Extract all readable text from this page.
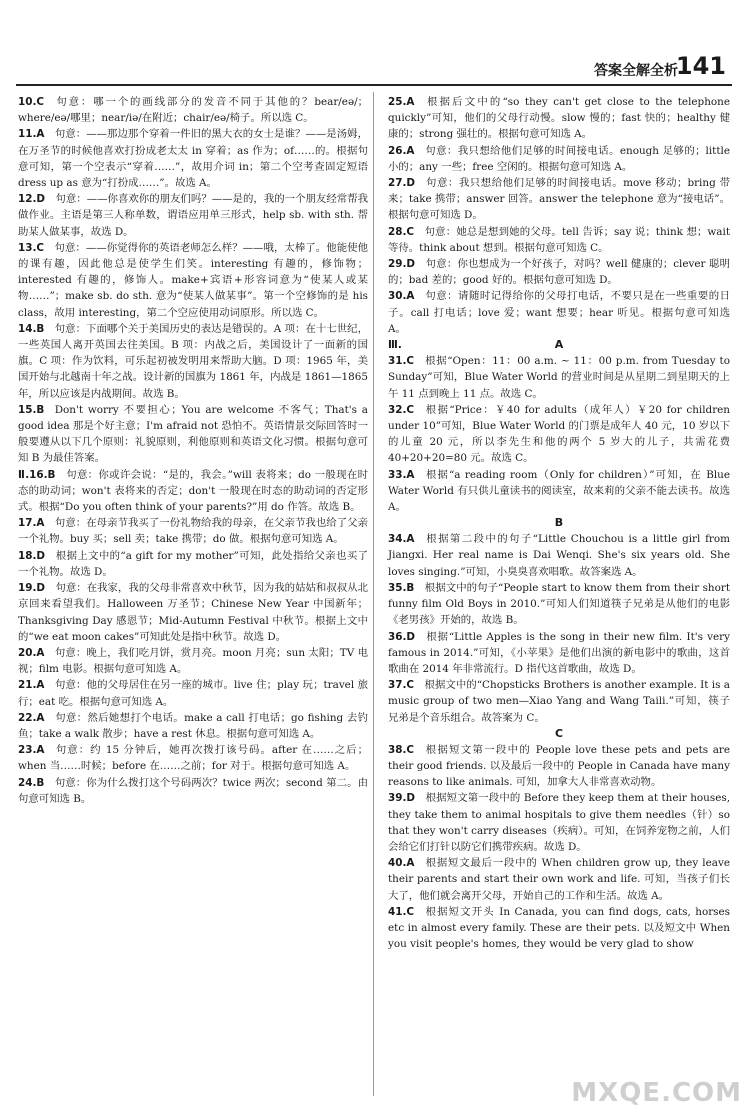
答案全解全析
141
10.C  句意：哪一个的画线部分的发音不同于其他的？bear/eə/；where/eə/哪里；near/iə/在附近；chair/eə/椅子。所以选 C。
11.A  句意：——那边那个穿着一件旧的黑大衣的女士是谁？——是汤姆，在万圣节的时候他喜欢打扮成老太太 in 穿着；as 作为；of……的。根据句意可知，第一个空表示“穿着……”，故用介词 in；第二个空考查固定短语 dress up as 意为“打扮成……”。故选 A。
12.D  句意：——你喜欢你的朋友们吗？——是的，我的一个朋友经常帮我做作业。主语是第三人称单数，谓语应用单三形式，help sb. with sth. 帮助某人做某事，故选 D。
13.C  句意：——你觉得你的英语老师怎么样？——哦，太棒了。他能使他的课有趣，因此他总是使学生们笑。interesting 有趣的，修饰物；interested 有趣的，修饰人。make+宾语+形容词意为“使某人或某物……”；make sb. do sth. 意为“使某人做某事”。第一个空修饰的是 his class，故用 interesting，第二个空应使用动词原形。所以选 C。
14.B  句意：下面哪个关于美国历史的表达是错误的。A 项：在十七世纪，一些英国人离开英国去往美国。B 项：内战之后，美国设计了一面新的国旗。C 项：作为饮料，可乐起初被发明用来帮助大脑。D 项：1965 年，美国开始与北越南十年之战。设计新的国旗为 1861 年，内战是 1861—1865 年，所以应该是内战期间。故选 B。
15.B  Don't worry 不要担心；You are welcome 不客气；That's a good idea 那是个好主意；I'm afraid not 恐怕不。英语情景交际回答时一般要遵从以下几个原则：礼貌原则，利他原则和英语文化习惯。根据句意可知 B 为最佳答案。
Ⅱ.16.B  句意：你或许会说：“是的，我会。”will 表将来；do 一般现在时态的助动词；won't 表将来的否定；don't 一般现在时态的助动词的否定形式。根据“Do you often think of your parents?”用 do 作答。故选 B。
17.A  句意：在母亲节我买了一份礼物给我的母亲，在父亲节我也给了父亲一个礼物。buy 买；sell 卖；take 携带；do 做。根据句意可知选 A。
18.D  根据上文中的“a gift for my mother”可知，此处指给父亲也买了一个礼物。故选 D。
19.D  句意：在我家，我的父母非常喜欢中秋节，因为我的姑姑和叔叔从北京回来看望我们。Halloween 万圣节；Chinese New Year 中国新年；Thanksgiving Day 感恩节；Mid-Autumn Festival 中秋节。根据上文中的“we eat moon cakes”可知此处是指中秋节。故选 D。
20.A  句意：晚上，我们吃月饼，赏月亮。moon 月亮；sun 太阳；TV 电视；film 电影。根据句意可知选 A。
21.A  句意：他的父母居住在另一座的城市。live 住；play 玩；travel 旅行；eat 吃。根据句意可知选 A。
22.A  句意：然后她想打个电话。make a call 打电话；go fishing 去钓鱼；take a walk 散步；have a rest 休息。根据句意可知选 A。
23.A  句意：约 15 分钟后，她再次拨打该号码。after 在……之后；when 当……时候；before 在……之前；for 对于。根据句意可知选 A。
24.B  句意：你为什么拨打这个号码两次？twice 两次；second 第二。由句意可知选 B。
25.A  根据后文中的“so they can't get close to the telephone quickly”可知，他们的父母行动慢。slow 慢的；fast 快的；healthy 健康的；strong 强壮的。根据句意可知选 A。
26.A  句意：我只想给他们足够的时间接电话。enough 足够的；little 小的；any 一些；free 空闲的。根据句意可知选 A。
27.D  句意：我只想给他们足够的时间接电话。move 移动；bring 带来；take 携带；answer 回答。answer the telephone 意为“接电话”。根据句意可知选 D。
28.C  句意：她总是想到她的父母。tell 告诉；say 说；think 想；wait 等待。think about 想到。根据句意可知选 C。
29.D  句意：你也想成为一个好孩子，对吗？well 健康的；clever 聪明的；bad 差的；good 好的。根据句意可知选 D。
30.A  句意：请随时记得给你的父母打电话，不要只是在一些重要的日子。call 打电话；love 爱；want 想要；hear 听见。根据句意可知选 A。
Ⅲ.	A
31.C  根据“Open：11：00 a.m. ~ 11：00 p.m. from Tuesday to Sunday”可知，Blue Water World 的营业时间是从星期二到星期天的上午 11 点到晚上 11 点。故选 C。
32.C  根据“Price：￥40 for adults（成年人）￥20 for children under 10”可知，Blue Water World 的门票是成年人 40 元，10 岁以下的儿童 20 元，所以李先生和他的两个 5 岁大的儿子，共需花费 40+20+20=80 元。故选 C。
33.A  根据“a reading room（Only for children）”可知，在 Blue Water World 有只供儿童读书的阅读室，故来莉的父亲不能去读书。故选 A。
B
34.A  根据第二段中的句子“Little Chouchou is a little girl from Jiangxi. Her real name is Dai Wenqi. She's six years old. She loves singing.”可知，小臭臭喜欢唱歌。故答案选 A。
35.B  根据文中的句子“People start to know them from their short funny film Old Boys in 2010.”可知人们知道筷子兄弟是从他们的电影《老男孩》开始的，故选 B。
36.D  根据“Little Apples is the song in their new film. It's very famous in 2014.”可知，《小苹果》是他们出演的新电影中的歌曲，这首歌曲在 2014 年非常流行。D 指代这首歌曲，故选 D。
37.C  根据文中的“Chopsticks Brothers is another example. It is a music group of two men—Xiao Yang and Wang Taili.”可知，筷子兄弟是个音乐组合。故答案为 C。
C
38.C  根据短文第一段中的 People love these pets and pets are their good friends. 以及最后一段中的 People in Canada have many reasons to like animals. 可知，加拿大人非常喜欢动物。
39.D  根据短文第一段中的 Before they keep them at their houses, they take them to animal hospitals to give them needles（针）so that they won't carry diseases（疾病）。可知，在饲养宠物之前，人们会给它们打针以防它们携带疾病。故选 D。
40.A  根据短文最后一段中的 When children grow up, they leave their parents and start their own work and life. 可知，当孩子们长大了，他们就会离开父母，开始自己的工作和生活。故选 A。
41.C  根据短文开头 In Canada, you can find dogs, cats, horses etc in almost every family. These are their pets. 以及短文中 When you visit people's homes, they would be very glad to show
MXQE.COM
